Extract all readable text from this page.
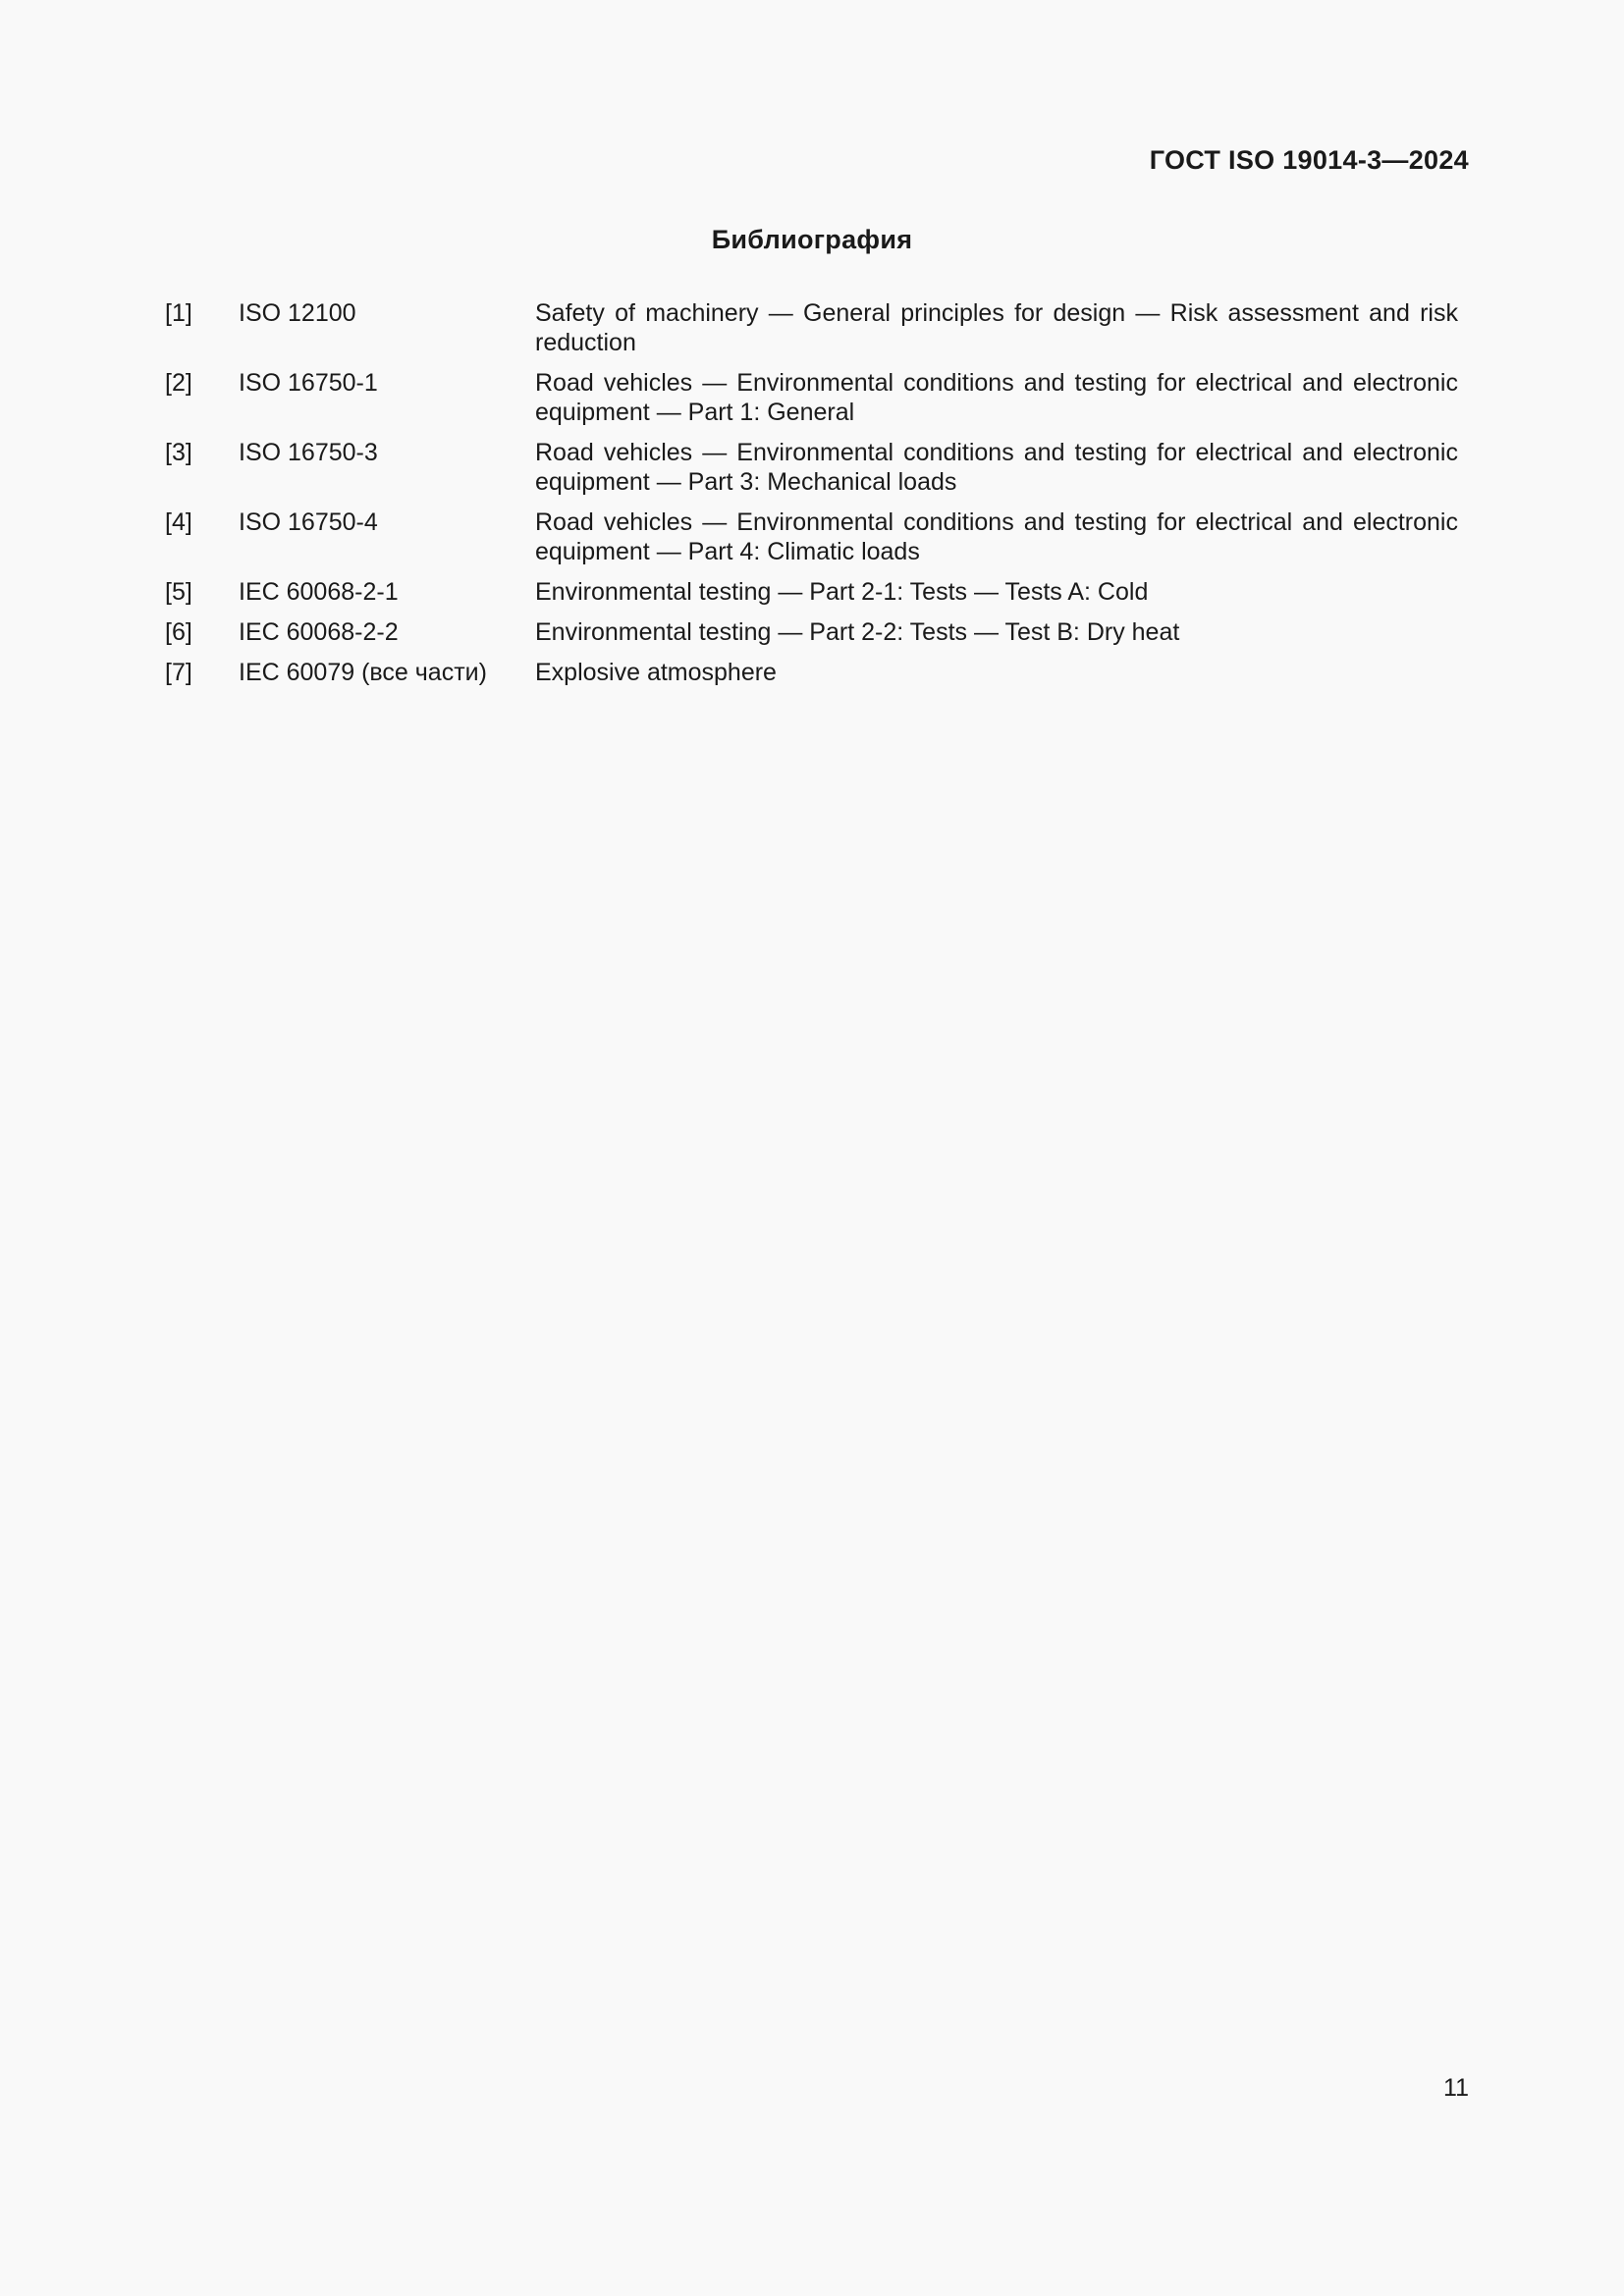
ГОСТ ISO 19014-3—2024
Библиография
[1]	ISO 12100	Safety of machinery — General principles for design — Risk assessment and risk reduction
[2]	ISO 16750-1	Road vehicles — Environmental conditions and testing for electrical and electronic equipment — Part 1: General
[3]	ISO 16750-3	Road vehicles — Environmental conditions and testing for electrical and electronic equipment — Part 3: Mechanical loads
[4]	ISO 16750-4	Road vehicles — Environmental conditions and testing for electrical and electronic equipment — Part 4: Climatic loads
[5]	IEC 60068-2-1	Environmental testing — Part 2-1: Tests — Tests A: Cold
[6]	IEC 60068-2-2	Environmental testing — Part 2-2: Tests — Test B: Dry heat
[7]	IEC 60079 (все части)	Explosive atmosphere
11
